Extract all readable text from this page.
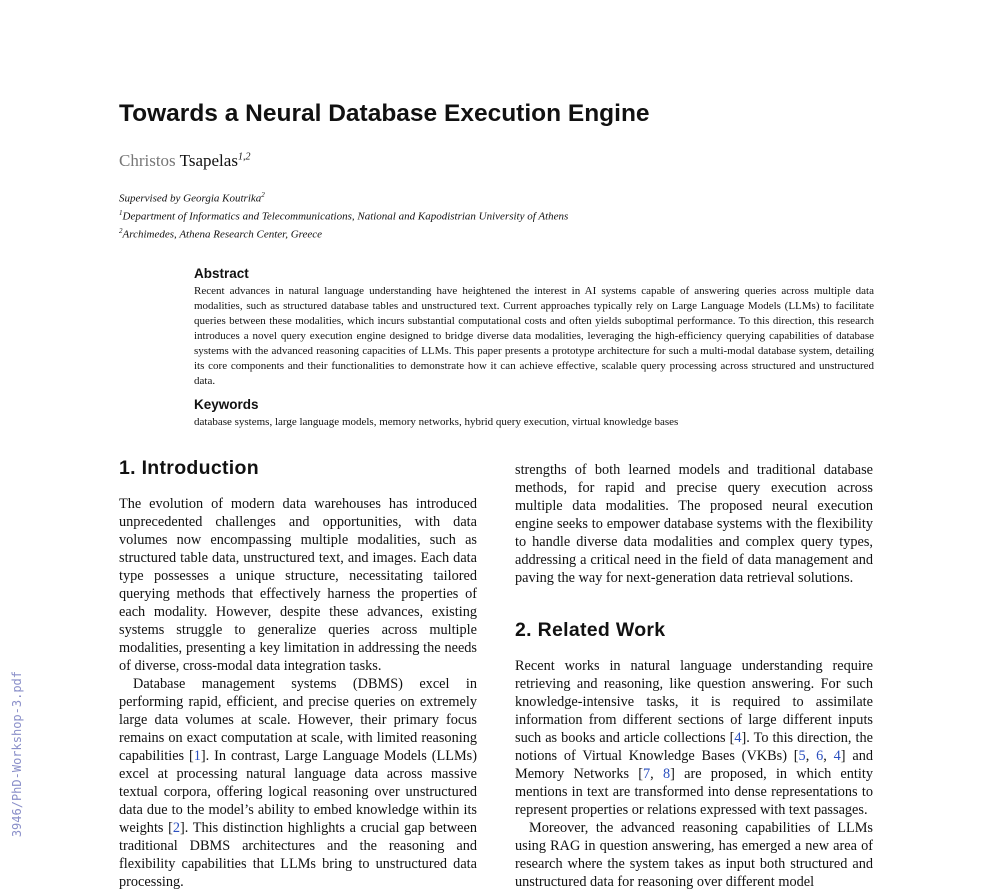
3946/PhD-Workshop-3.pdf
Towards a Neural Database Execution Engine
Christos Tsapelas$^{1,2}$
Supervised by Georgia Koutrika$^2$
$^1$Department of Informatics and Telecommunications, National and Kapodistrian University of Athens
$^2$Archimedes, Athena Research Center, Greece
Abstract

Recent advances in natural language understanding have heightened the interest in AI systems capable of answering queries across multiple data modalities, such as structured database tables and unstructured text. Current approaches typically rely on Large Language Models (LLMs) to facilitate queries between these modalities, which incurs substantial computational costs and often yields suboptimal performance. To this direction, this research introduces a novel query execution engine designed to bridge diverse data modalities, leveraging the high-efficiency querying capabilities of database systems with the advanced reasoning capacities of LLMs. This paper presents a prototype architecture for such a multi-modal database system, detailing its core components and their functionalities to demonstrate how it can achieve effective, scalable query processing across structured and unstructured data.

Keywords

database systems, large language models, memory networks, hybrid query execution, virtual knowledge bases

1. Introduction

The evolution of modern data warehouses has introduced unprecedented challenges and opportunities, with data volumes now encompassing multiple modalities, such as structured table data, unstructured text, and images. Each data type possesses a unique structure, necessitating tailored querying methods that effectively harness the properties of each modality. However, despite these advances, existing systems struggle to generalize queries across multiple modalities, presenting a key limitation in addressing the needs of diverse, cross-modal data integration tasks.

Database management systems (DBMS) excel in performing rapid, efficient, and precise queries on extremely large data volumes at scale. However, their primary focus remains on exact computation at scale, with limited reasoning capabilities [1]. In contrast, Large Language Models (LLMs) excel at processing natural language data across massive textual corpora, offering logical reasoning over unstructured data due to the model’s ability to embed knowledge within its weights [2]. This distinction highlights a crucial gap between traditional DBMS architectures and the reasoning and flexibility capabilities that LLMs bring to unstructured data processing.

strengths of both learned models and traditional database methods, for rapid and precise query execution across multiple data modalities. The proposed neural execution engine seeks to empower database systems with the flexibility to handle diverse data modalities and complex query types, addressing a critical need in the field of data management and paving the way for next-generation data retrieval solutions.

2. Related Work

Recent works in natural language understanding require retrieving and reasoning, like question answering. For such knowledge-intensive tasks, it is required to assimilate information from different sections of large different inputs such as books and article collections [4]. To this direction, the notions of Virtual Knowledge Bases (VKBs) [5, 6, 4] and Memory Networks [7, 8] are proposed, in which entity mentions in text are transformed into dense representations to represent properties or relations expressed with text passages.

Moreover, the advanced reasoning capabilities of LLMs using RAG in question answering, has emerged a new area of research where the system takes as input both structured and unstructured data for reasoning over different model
